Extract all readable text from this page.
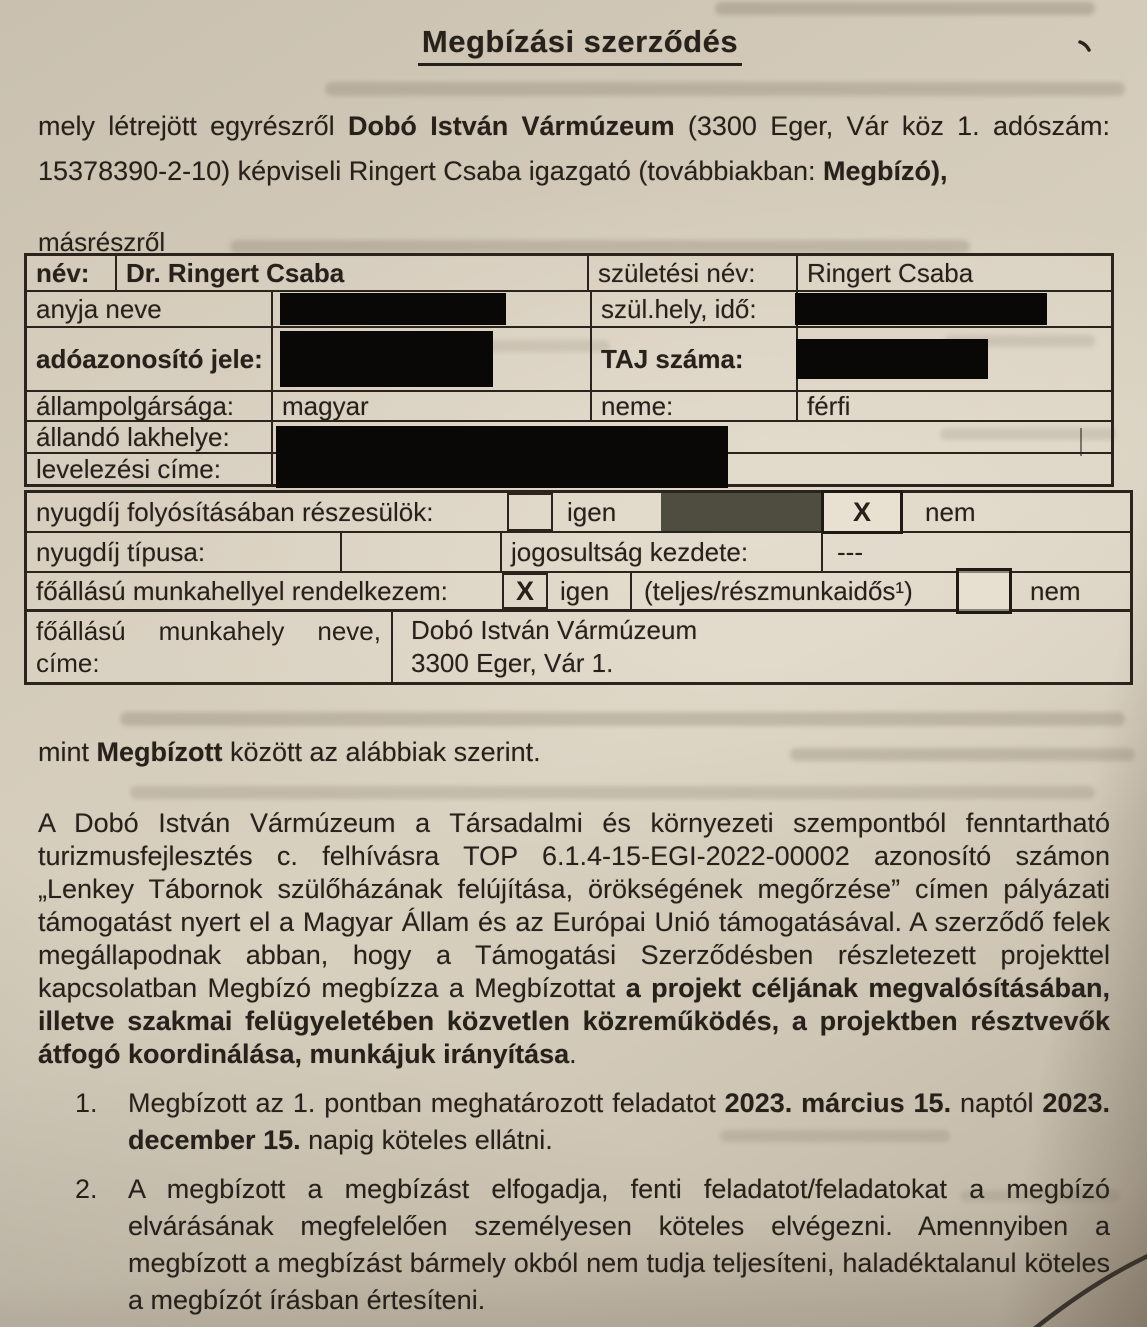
Megbízási szerződés
mely létrejött egyrészről Dobó István Vármúzeum (3300 Eger, Vár köz 1. adószám: 15378390-2-10) képviseli Ringert Csaba igazgató (továbbiakban: Megbízó),
másrészről
név:	Dr. Ringert Csaba	születési név:	Ringert Csaba
anyja neve	szül.hely, idő:
adóazonosító jele:	TAJ száma:
állampolgársága:	magyar	neme:	férfi
állandó lakhelye:
levelezési címe:
nyugdíj folyósításában részesülök:	igen	X	nem
nyugdíj típusa:	jogosultság kezdete:	---
főállású munkahellyel rendelkezem:	X	igen	(teljes/részmunkaidős¹)	nem
főállású munkahely neve, címe:
Dobó István Vármúzeum
3300 Eger, Vár 1.
mint Megbízott között az alábbiak szerint.
A Dobó István Vármúzeum a Társadalmi és környezeti szempontból fenntartható turizmusfejlesztés c. felhívásra TOP 6.1.4-15-EGI-2022-00002 azonosító számon „Lenkey Tábornok szülőházának felújítása, örökségének megőrzése” címen pályázati támogatást nyert el a Magyar Állam és az Európai Unió támogatásával. A szerződő felek megállapodnak abban, hogy a Támogatási Szerződésben részletezett projekttel kapcsolatban Megbízó megbízza a Megbízottat a projekt céljának megvalósításában, illetve szakmai felügyeletében közvetlen közreműködés, a projektben résztvevők átfogó koordinálása, munkájuk irányítása.
1.	Megbízott az 1. pontban meghatározott feladatot 2023. március 15. naptól 2023. december 15. napig köteles ellátni.
2.	A megbízott a megbízást elfogadja, fenti feladatot/feladatokat a megbízó elvárásának megfelelően személyesen köteles elvégezni. Amennyiben a megbízott a megbízást bármely okból nem tudja teljesíteni, haladéktalanul köteles a megbízót írásban értesíteni.
